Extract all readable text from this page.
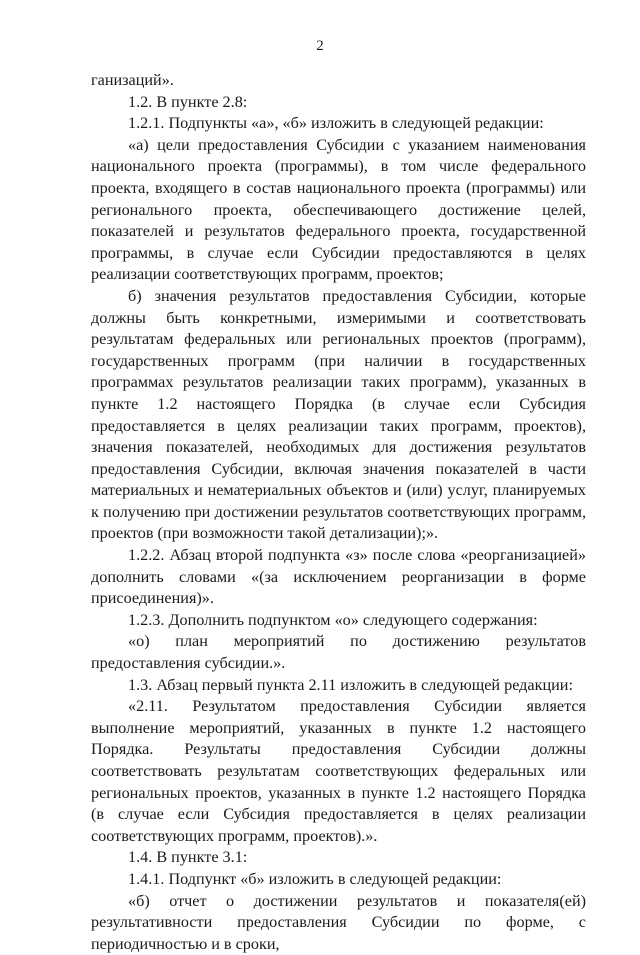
2

ганизаций».

1.2. В пункте 2.8:

1.2.1. Подпункты «а», «б» изложить в следующей редакции:

«а) цели предоставления Субсидии с указанием наименования национального проекта (программы), в том числе федерального проекта, входящего в состав национального проекта (программы) или регионального проекта, обеспечивающего достижение целей, показателей и результатов федерального проекта, государственной программы, в случае если Субсидии предоставляются в целях реализации соответствующих программ, проектов;

б) значения результатов предоставления Субсидии, которые должны быть конкретными, измеримыми и соответствовать результатам федеральных или региональных проектов (программ), государственных программ (при наличии в государственных программах результатов реализации таких программ), указанных в пункте 1.2 настоящего Порядка (в случае если Субсидия предоставляется в целях реализации таких программ, проектов), значения показателей, необходимых для достижения результатов предоставления Субсидии, включая значения показателей в части материальных и нематериальных объектов и (или) услуг, планируемых к получению при достижении результатов соответствующих программ, проектов (при возможности такой детализации);».

1.2.2. Абзац второй подпункта «з» после слова «реорганизацией» дополнить словами «(за исключением реорганизации в форме присоединения)».

1.2.3. Дополнить подпунктом «о» следующего содержания:

«о) план мероприятий по достижению результатов предоставления субсидии.».

1.3. Абзац первый пункта 2.11 изложить в следующей редакции:

«2.11. Результатом предоставления Субсидии является выполнение мероприятий, указанных в пункте 1.2 настоящего Порядка. Результаты предоставления Субсидии должны соответствовать результатам соответствующих федеральных или региональных проектов, указанных в пункте 1.2 настоящего Порядка (в случае если Субсидия предоставляется в целях реализации соответствующих программ, проектов).».

1.4. В пункте 3.1:

1.4.1. Подпункт «б» изложить в следующей редакции:

«б) отчет о достижении результатов и показателя(ей) результативности предоставления Субсидии по форме, с периодичностью и в сроки,
